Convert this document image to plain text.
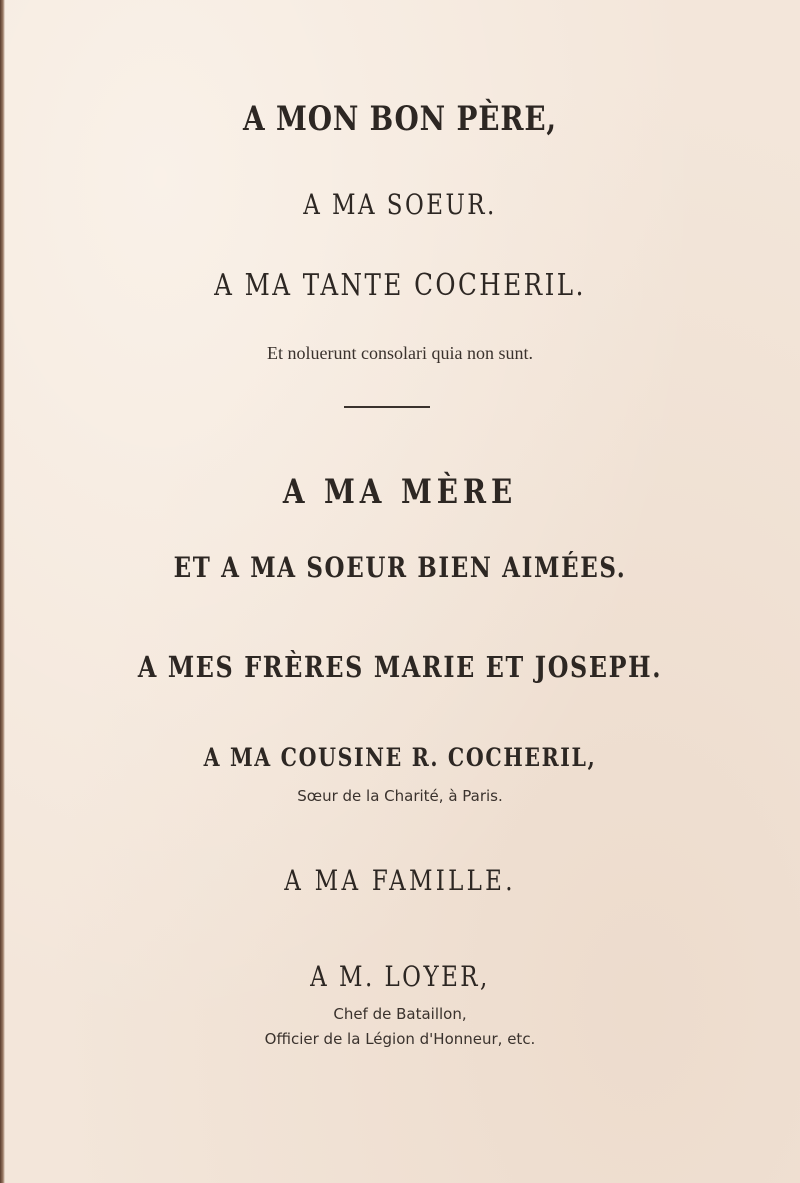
A MON BON PÈRE,
A MA SOEUR.
A MA TANTE COCHERIL.
Et noluerunt consolari quia non sunt.
A MA MÈRE
ET A MA SOEUR BIEN AIMÉES.
A MES FRÈRES MARIE ET JOSEPH.
A MA COUSINE R. COCHERIL,
Sœur de la Charité, à Paris.
A MA FAMILLE.
A M. LOYER,
Chef de Bataillon,
Officier de la Légion d'Honneur, etc.
